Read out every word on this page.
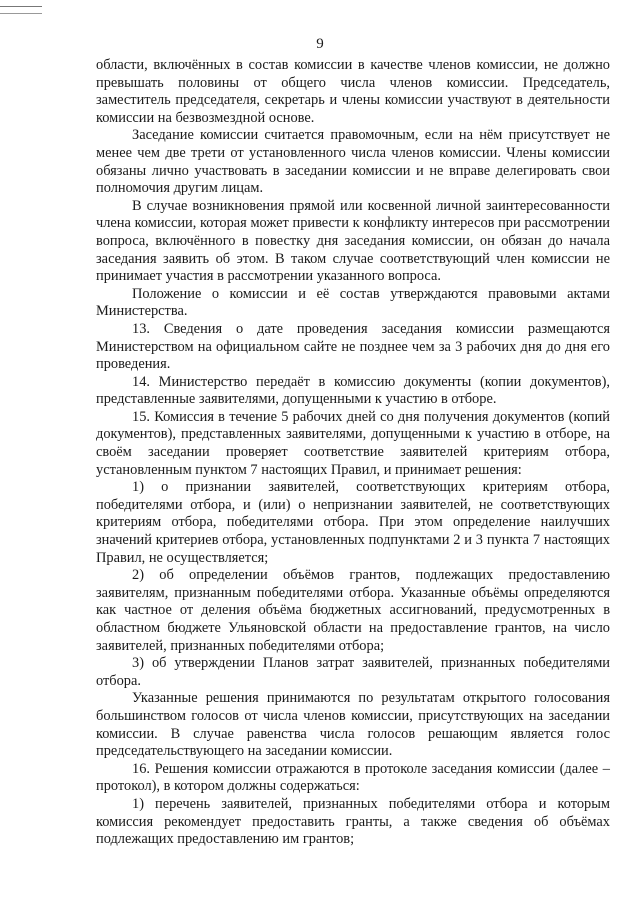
9

области, включённых в состав комиссии в качестве членов комиссии, не должно превышать половины от общего числа членов комиссии. Председатель, заместитель председателя, секретарь и члены комиссии участвуют в деятельности комиссии на безвозмездной основе.

Заседание комиссии считается правомочным, если на нём присутствует не менее чем две трети от установленного числа членов комиссии. Члены комиссии обязаны лично участвовать в заседании комиссии и не вправе делегировать свои полномочия другим лицам.

В случае возникновения прямой или косвенной личной заинтересованности члена комиссии, которая может привести к конфликту интересов при рассмотрении вопроса, включённого в повестку дня заседания комиссии, он обязан до начала заседания заявить об этом. В таком случае соответствующий член комиссии не принимает участия в рассмотрении указанного вопроса.

Положение о комиссии и её состав утверждаются правовыми актами Министерства.

13. Сведения о дате проведения заседания комиссии размещаются Министерством на официальном сайте не позднее чем за 3 рабочих дня до дня его проведения.

14. Министерство передаёт в комиссию документы (копии документов), представленные заявителями, допущенными к участию в отборе.

15. Комиссия в течение 5 рабочих дней со дня получения документов (копий документов), представленных заявителями, допущенными к участию в отборе, на своём заседании проверяет соответствие заявителей критериям отбора, установленным пунктом 7 настоящих Правил, и принимает решения:

1) о признании заявителей, соответствующих критериям отбора, победителями отбора, и (или) о непризнании заявителей, не соответствующих критериям отбора, победителями отбора. При этом определение наилучших значений критериев отбора, установленных подпунктами 2 и 3 пункта 7 настоящих Правил, не осуществляется;

2) об определении объёмов грантов, подлежащих предоставлению заявителям, признанным победителями отбора. Указанные объёмы определяются как частное от деления объёма бюджетных ассигнований, предусмотренных в областном бюджете Ульяновской области на предоставление грантов, на число заявителей, признанных победителями отбора;

3) об утверждении Планов затрат заявителей, признанных победителями отбора.

Указанные решения принимаются по результатам открытого голосования большинством голосов от числа членов комиссии, присутствующих на заседании комиссии. В случае равенства числа голосов решающим является голос председательствующего на заседании комиссии.

16. Решения комиссии отражаются в протоколе заседания комиссии (далее – протокол), в котором должны содержаться:

1) перечень заявителей, признанных победителями отбора и которым комиссия рекомендует предоставить гранты, а также сведения об объёмах подлежащих предоставлению им грантов;
